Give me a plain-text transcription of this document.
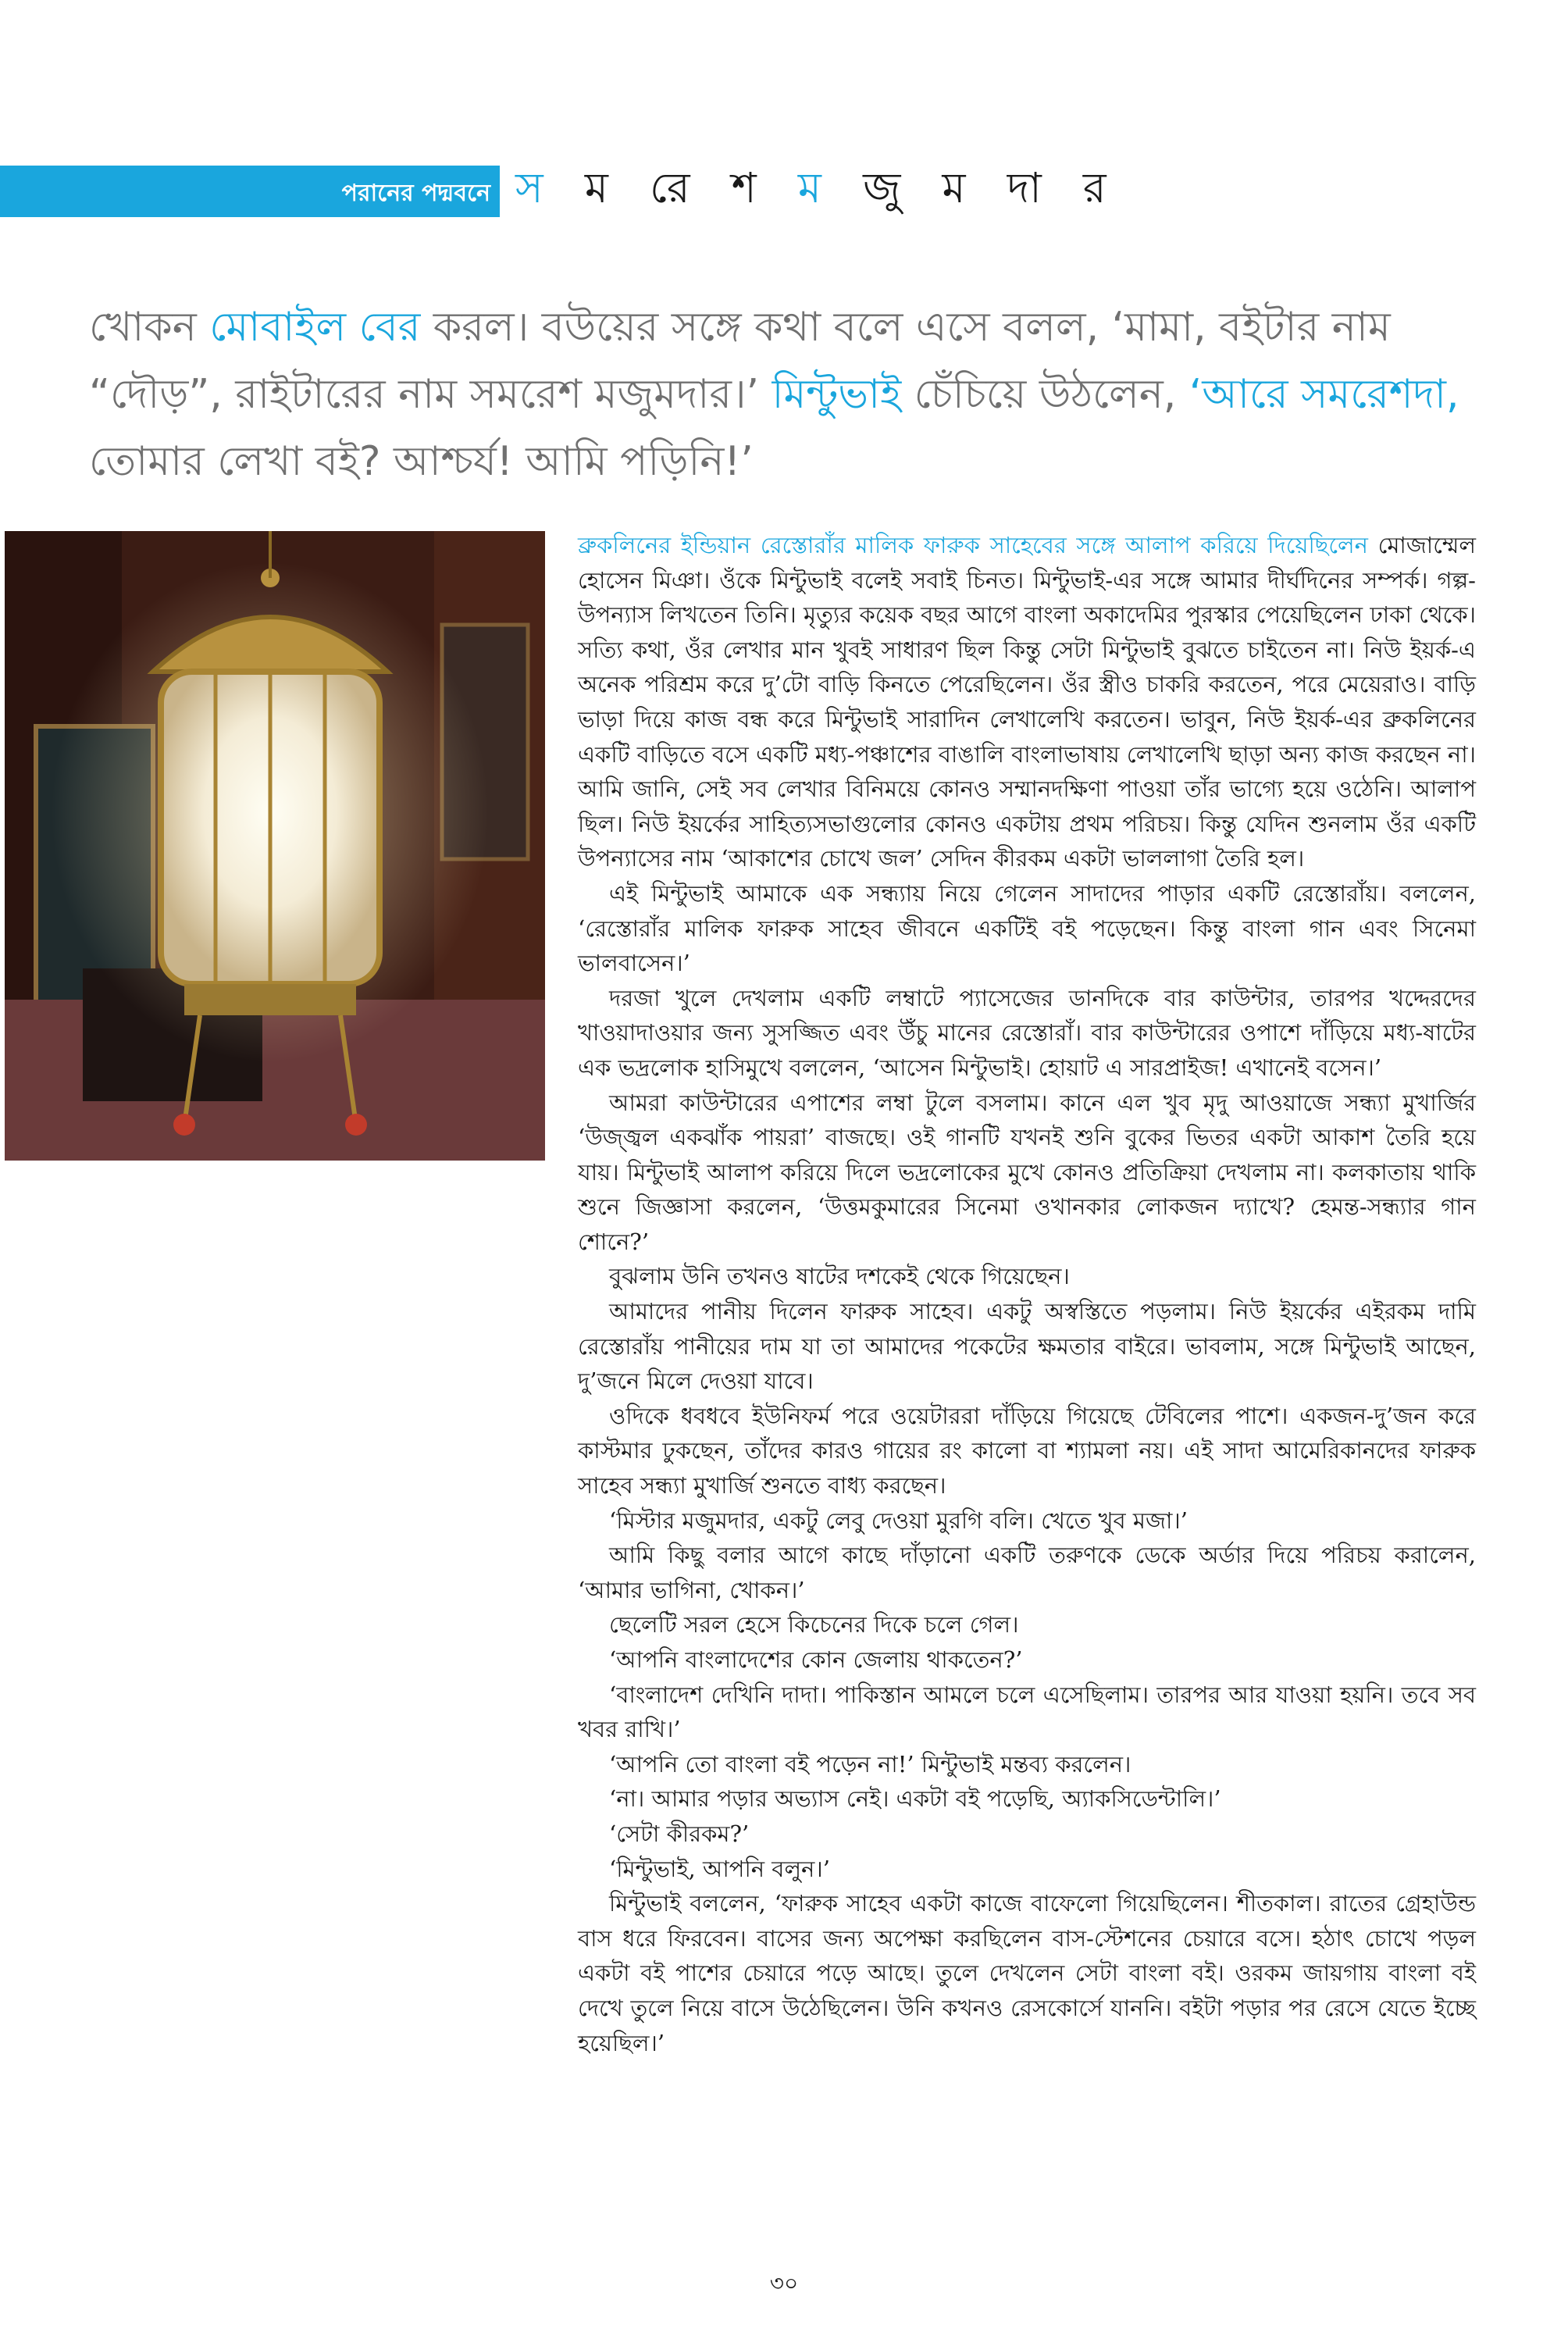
পরানের পদ্মবনে স ম রে শ ম জু ম দা র
খোকন মোবাইল বের করল। বউয়ের সঙ্গে কথা বলে এসে বলল, ‘মামা, বইটার নাম “দৌড়”, রাইটারের নাম সমরেশ মজুমদার।’ মিন্টুভাই চেঁচিয়ে উঠলেন, ‘আরে সমরেশদা, তোমার লেখা বই? আশ্চর্য! আমি পড়িনি!’

ব্রুকলিনের ইন্ডিয়ান রেস্তোরাঁর মালিক ফারুক সাহেবের সঙ্গে আলাপ করিয়ে দিয়েছিলেন মোজাম্মেল হোসেন মিঞা। ওঁকে মিন্টুভাই বলেই সবাই চিনত। মিন্টুভাই-এর সঙ্গে আমার দীর্ঘদিনের সম্পর্ক। গল্প-উপন্যাস লিখতেন তিনি। মৃত্যুর কয়েক বছর আগে বাংলা অকাদেমির পুরস্কার পেয়েছিলেন ঢাকা থেকে। সত্যি কথা, ওঁর লেখার মান খুবই সাধারণ ছিল কিন্তু সেটা মিন্টুভাই বুঝতে চাইতেন না। নিউ ইয়র্ক-এ অনেক পরিশ্রম করে দু’টো বাড়ি কিনতে পেরেছিলেন। ওঁর স্ত্রীও চাকরি করতেন, পরে মেয়েরাও। বাড়ি ভাড়া দিয়ে কাজ বন্ধ করে মিন্টুভাই সারাদিন লেখালেখি করতেন। ভাবুন, নিউ ইয়র্ক-এর ব্রুকলিনের একটি বাড়িতে বসে একটি মধ্য-পঞ্চাশের বাঙালি বাংলাভাষায় লেখালেখি ছাড়া অন্য কাজ করছেন না। আমি জানি, সেই সব লেখার বিনিময়ে কোনও সম্মানদক্ষিণা পাওয়া তাঁর ভাগ্যে হয়ে ওঠেনি। আলাপ ছিল। নিউ ইয়র্কের সাহিত্যসভাগুলোর কোনও একটায় প্রথম পরিচয়। কিন্তু যেদিন শুনলাম ওঁর একটি উপন্যাসের নাম ‘আকাশের চোখে জল’ সেদিন কীরকম একটা ভাললাগা তৈরি হল।

এই মিন্টুভাই আমাকে এক সন্ধ্যায় নিয়ে গেলেন সাদাদের পাড়ার একটি রেস্তোরাঁয়। বললেন, ‘রেস্তোরাঁর মালিক ফারুক সাহেব জীবনে একটিই বই পড়েছেন। কিন্তু বাংলা গান এবং সিনেমা ভালবাসেন।’

দরজা খুলে দেখলাম একটি লম্বাটে প্যাসেজের ডানদিকে বার কাউন্টার, তারপর খদ্দেরদের খাওয়াদাওয়ার জন্য সুসজ্জিত এবং উঁচু মানের রেস্তোরাঁ। বার কাউন্টারের ওপাশে দাঁড়িয়ে মধ্য-ষাটের এক ভদ্রলোক হাসিমুখে বললেন, ‘আসেন মিন্টুভাই। হোয়াট এ সারপ্রাইজ! এখানেই বসেন।’

আমরা কাউন্টারের এপাশের লম্বা টুলে বসলাম। কানে এল খুব মৃদু আওয়াজে সন্ধ্যা মুখার্জির ‘উজ্জ্বল একঝাঁক পায়রা’ বাজছে। ওই গানটি যখনই শুনি বুকের ভিতর একটা আকাশ তৈরি হয়ে যায়। মিন্টুভাই আলাপ করিয়ে দিলে ভদ্রলোকের মুখে কোনও প্রতিক্রিয়া দেখলাম না। কলকাতায় থাকি শুনে জিজ্ঞাসা করলেন, ‘উত্তমকুমারের সিনেমা ওখানকার লোকজন দ্যাখে? হেমন্ত-সন্ধ্যার গান শোনে?’

বুঝলাম উনি তখনও ষাটের দশকেই থেকে গিয়েছেন।

আমাদের পানীয় দিলেন ফারুক সাহেব। একটু অস্বস্তিতে পড়লাম। নিউ ইয়র্কের এইরকম দামি রেস্তোরাঁয় পানীয়ের দাম যা তা আমাদের পকেটের ক্ষমতার বাইরে। ভাবলাম, সঙ্গে মিন্টুভাই আছেন, দু’জনে মিলে দেওয়া যাবে।

ওদিকে ধবধবে ইউনিফর্ম পরে ওয়েটাররা দাঁড়িয়ে গিয়েছে টেবিলের পাশে। একজন-দু’জন করে কাস্টমার ঢুকছেন, তাঁদের কারও গায়ের রং কালো বা শ্যামলা নয়। এই সাদা আমেরিকানদের ফারুক সাহেব সন্ধ্যা মুখার্জি শুনতে বাধ্য করছেন।

‘মিস্টার মজুমদার, একটু লেবু দেওয়া মুরগি বলি। খেতে খুব মজা।’

আমি কিছু বলার আগে কাছে দাঁড়ানো একটি তরুণকে ডেকে অর্ডার দিয়ে পরিচয় করালেন, ‘আমার ভাগিনা, খোকন।’

ছেলেটি সরল হেসে কিচেনের দিকে চলে গেল।

‘আপনি বাংলাদেশের কোন জেলায় থাকতেন?’

‘বাংলাদেশ দেখিনি দাদা। পাকিস্তান আমলে চলে এসেছিলাম। তারপর আর যাওয়া হয়নি। তবে সব খবর রাখি।’

‘আপনি তো বাংলা বই পড়েন না!’ মিন্টুভাই মন্তব্য করলেন।

‘না। আমার পড়ার অভ্যাস নেই। একটা বই পড়েছি, অ্যাকসিডেন্টালি।’

‘সেটা কীরকম?’

‘মিন্টুভাই, আপনি বলুন।’

মিন্টুভাই বললেন, ‘ফারুক সাহেব একটা কাজে বাফেলো গিয়েছিলেন। শীতকাল। রাতের গ্রেহাউন্ড বাস ধরে ফিরবেন। বাসের জন্য অপেক্ষা করছিলেন বাস-স্টেশনের চেয়ারে বসে। হঠাৎ চোখে পড়ল একটা বই পাশের চেয়ারে পড়ে আছে। তুলে দেখলেন সেটা বাংলা বই। ওরকম জায়গায় বাংলা বই দেখে তুলে নিয়ে বাসে উঠেছিলেন। উনি কখনও রেসকোর্সে যাননি। বইটা পড়ার পর রেসে যেতে ইচ্ছে হয়েছিল।’

৩০
